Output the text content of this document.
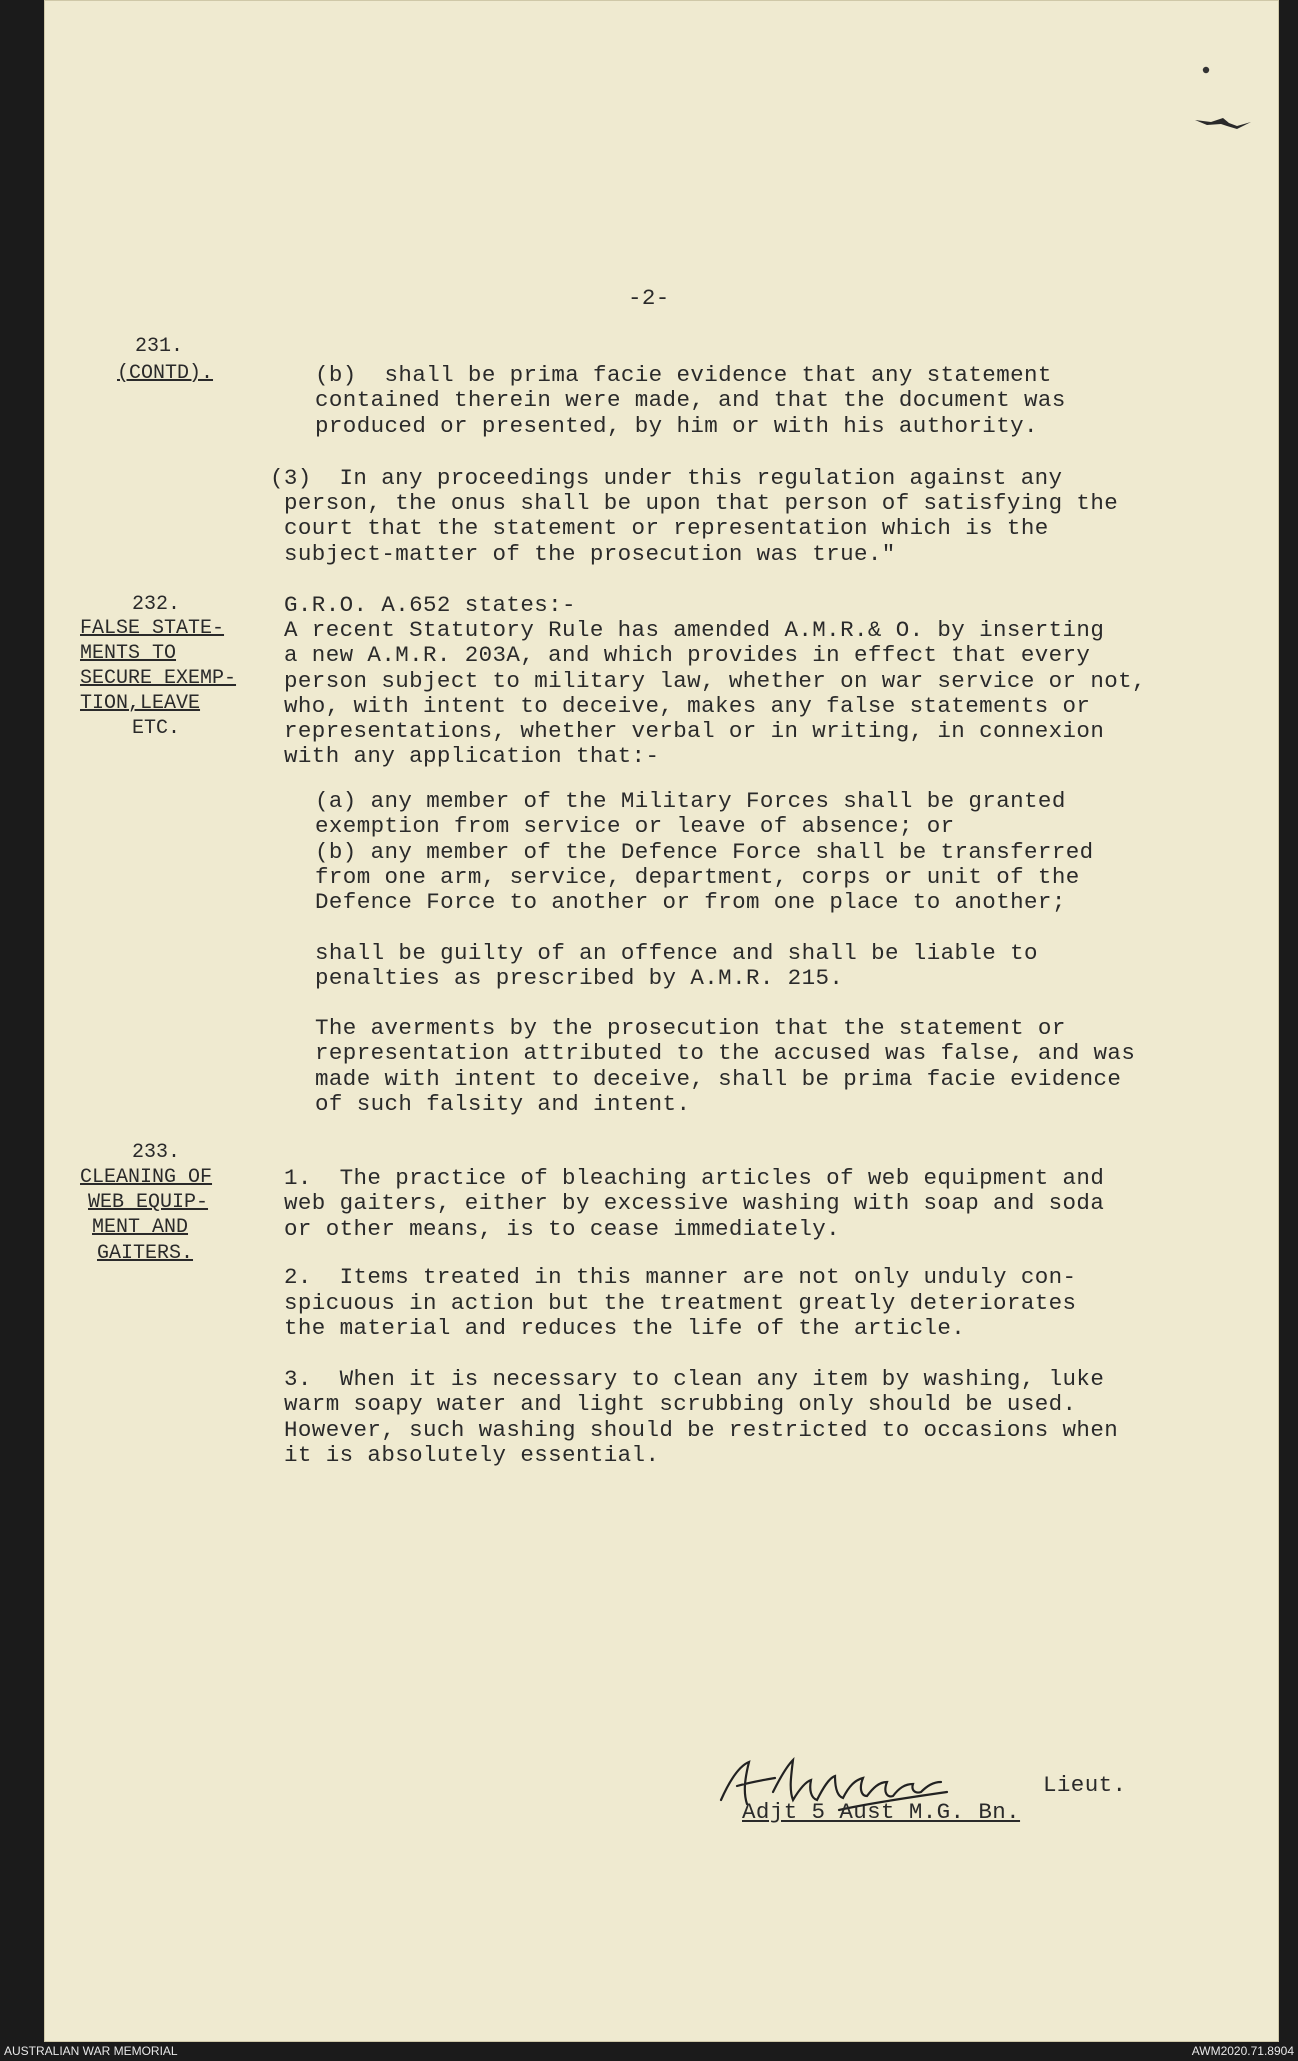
-2-
231.
(CONTD).	(b)  shall be prima facie evidence that any statement
contained therein were made, and that the document was
produced or presented, by him or with his authority.
(3)  In any proceedings under this regulation against any
person, the onus shall be upon that person of satisfying the
court that the statement or representation which is the
subject-matter of the prosecution was true."
232.
FALSE STATE-
MENTS TO
SECURE EXEMP-
TION,LEAVE
ETC.
G.R.O. A.652 states:-
A recent Statutory Rule has amended A.M.R.& O. by inserting
a new A.M.R. 203A, and which provides in effect that every
person subject to military law, whether on war service or not,
who, with intent to deceive, makes any false statements or
representations, whether verbal or in writing, in connexion
with any application that:-
(a) any member of the Military Forces shall be granted
exemption from service or leave of absence; or
(b) any member of the Defence Force shall be transferred
from one arm, service, department, corps or unit of the
Defence Force to another or from one place to another;
shall be guilty of an offence and shall be liable to
penalties as prescribed by A.M.R. 215.
The averments by the prosecution that the statement or
representation attributed to the accused was false, and was
made with intent to deceive, shall be prima facie evidence
of such falsity and intent.
233.
CLEANING OF
WEB EQUIP-
MENT AND
GAITERS.
1.  The practice of bleaching articles of web equipment and
web gaiters, either by excessive washing with soap and soda
or other means, is to cease immediately.
2.  Items treated in this manner are not only unduly con-
spicuous in action but the treatment greatly deteriorates
the material and reduces the life of the article.
3.  When it is necessary to clean any item by washing, luke
warm soapy water and light scrubbing only should be used.
However, such washing should be restricted to occasions when
it is absolutely essential.
Lieut.
Adjt 5 Aust M.G. Bn.
AUSTRALIAN WAR MEMORIAL	AWM2020.71.8904
